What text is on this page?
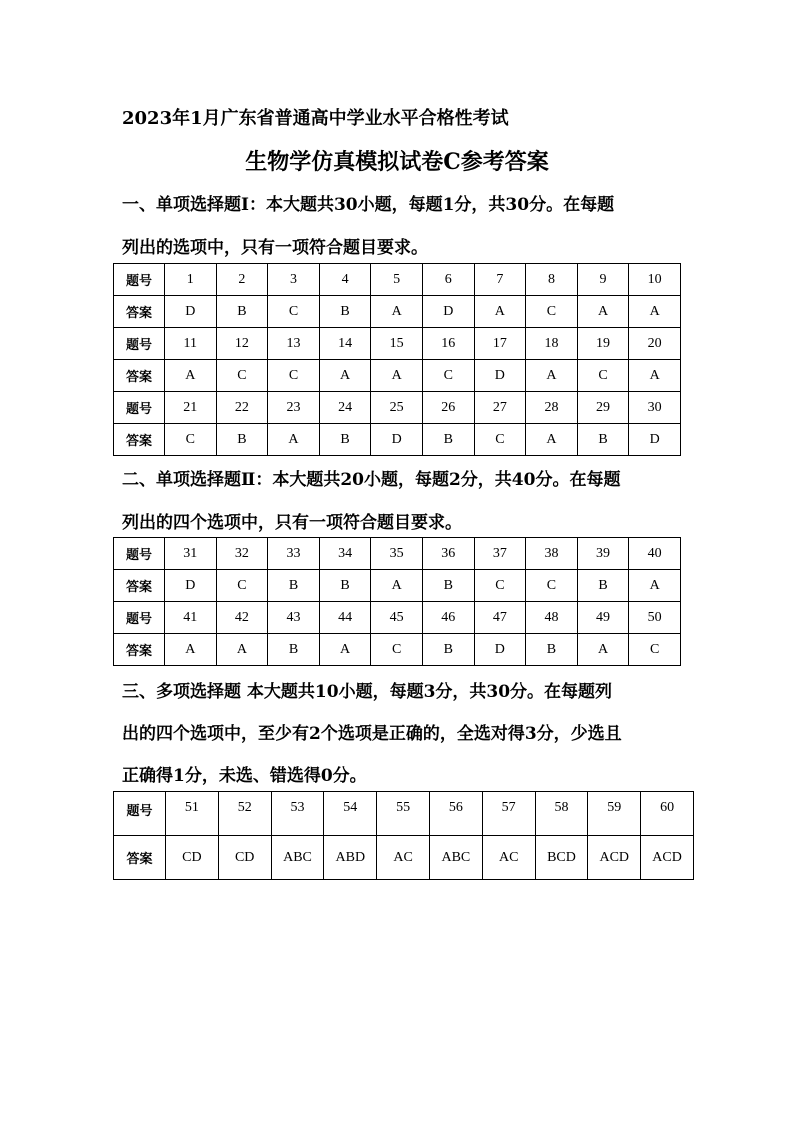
2023年1月广东省普通高中学业水平合格性考试
生物学仿真模拟试卷C参考答案
一、单项选择题Ⅰ：本大题共30小题，每题1分，共30分。在每题
列出的选项中，只有一项符合题目要求。
题号	1	2	3	4	5	6	7	8	9	10
答案	D	B	C	B	A	D	A	C	A	A
题号	11	12	13	14	15	16	17	18	19	20
答案	A	C	C	A	A	C	D	A	C	A
题号	21	22	23	24	25	26	27	28	29	30
答案	C	B	A	B	D	B	C	A	B	D
二、单项选择题Ⅱ：本大题共20小题，每题2分，共40分。在每题
列出的四个选项中，只有一项符合题目要求。
题号	31	32	33	34	35	36	37	38	39	40
答案	D	C	B	B	A	B	C	C	B	A
题号	41	42	43	44	45	46	47	48	49	50
答案	A	A	B	A	C	B	D	B	A	C
三、多项选择题 本大题共10小题，每题3分，共30分。在每题列
出的四个选项中，至少有2个选项是正确的，全选对得3分，少选且
正确得1分，未选、错选得0分。
题号	51	52	53	54	55	56	57	58	59	60
答案	CD	CD	ABC	ABD	AC	ABC	AC	BCD	ACD	ACD
